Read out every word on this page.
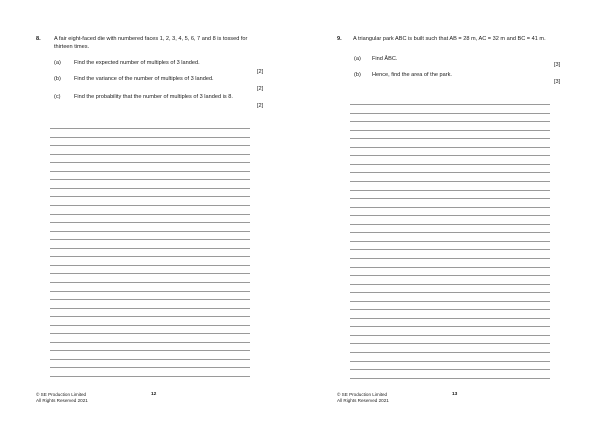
8. A fair eight-faced die with numbered faces 1, 2, 3, 4, 5, 6, 7 and 8 is tossed for
thirteen times.
(a) Find the expected number of multiples of 3 landed.
[2]
(b) Find the variance of the number of multiples of 3 landed.
[2]
(c) Find the probability that the number of multiples of 3 landed is 8.
[2]
© SE Production Limited
All Rights Reserved 2021
12
9. A triangular park ABC is built such that AB = 28 m, AC = 32 m and BC = 41 m.
(a) Find ÂBC.
[3]
(b) Hence, find the area of the park.
[3]
© SE Production Limited
All Rights Reserved 2021
13
